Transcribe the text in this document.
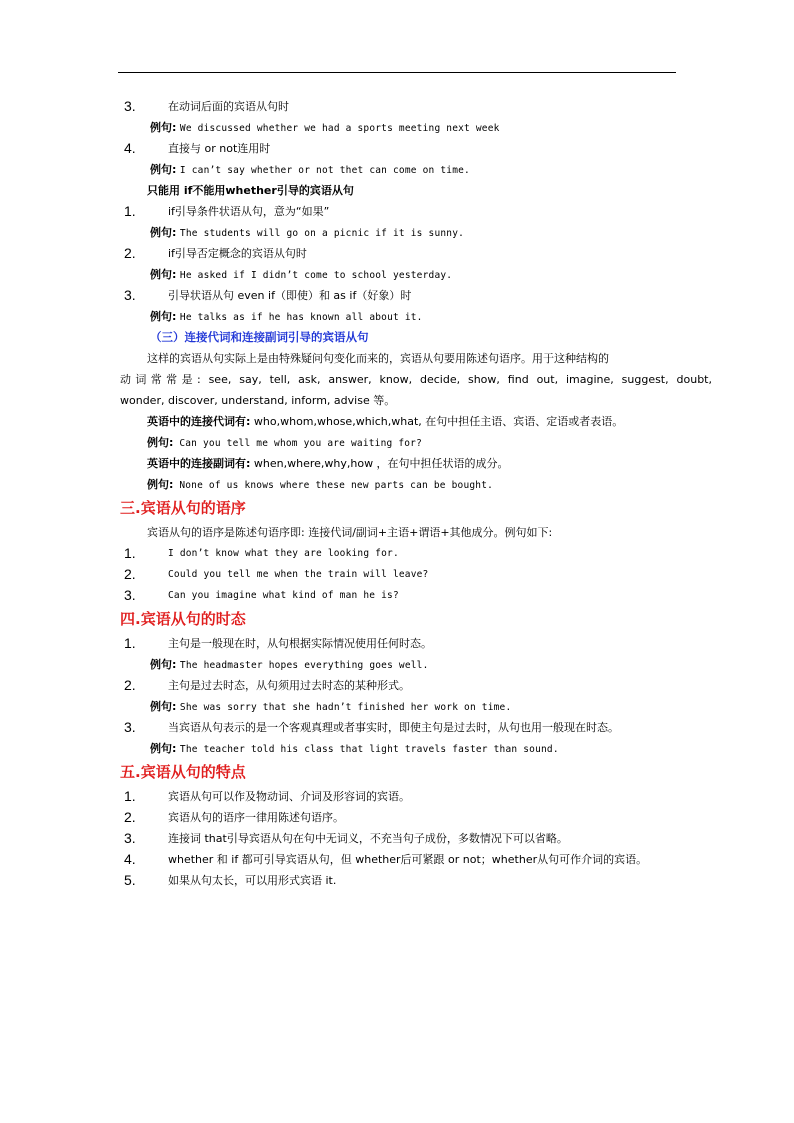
3.	在动词后面的宾语从句时
例句: We discussed whether we had a sports meeting next week
4.	直接与 or not连用时
例句: I can’t say whether or not thet can come on time.
只能用 if不能用whether引导的宾语从句
1.	if引导条件状语从句，意为“如果”
例句: The students will go on a picnic if it is sunny.
2.	if引导否定概念的宾语从句时
例句: He asked if I didn’t come to school yesterday.
3.	引导状语从句 even if（即使）和 as if（好象）时
例句: He talks as if he has known all about it.
（三）连接代词和连接副词引导的宾语从句
这样的宾语从句实际上是由特殊疑问句变化而来的，宾语从句要用陈述句语序。用于这种结构的
动词常常是: see, say, tell, ask, answer, know, decide, show, find out, imagine, suggest, doubt,
wonder, discover, understand, inform, advise 等。
英语中的连接代词有: who,whom,whose,which,what, 在句中担任主语、宾语、定语或者表语。
例句: Can you tell me whom you are waiting for?
英语中的连接副词有: when,where,why,how ，在句中担任状语的成分。
例句: None of us knows where these new parts can be bought.
三.宾语从句的语序
宾语从句的语序是陈述句语序即: 连接代词/副词+主语+谓语+其他成分。例句如下:
1.	I don’t know what they are looking for.
2.	Could you tell me when the train will leave?
3.	Can you imagine what kind of man he is?
四.宾语从句的时态
1.	主句是一般现在时，从句根据实际情况使用任何时态。
例句: The headmaster hopes everything goes well.
2.	主句是过去时态，从句须用过去时态的某种形式。
例句: She was sorry that she hadn’t finished her work on time.
3.	当宾语从句表示的是一个客观真理或者事实时，即使主句是过去时，从句也用一般现在时态。
例句: The teacher told his class that light travels faster than sound.
五.宾语从句的特点
1.	宾语从句可以作及物动词、介词及形容词的宾语。
2.	宾语从句的语序一律用陈述句语序。
3.	连接词 that引导宾语从句在句中无词义，不充当句子成份，多数情况下可以省略。
4.	whether 和 if 都可引导宾语从句，但 whether后可紧跟 or not；whether从句可作介词的宾语。
5.	如果从句太长，可以用形式宾语 it.
